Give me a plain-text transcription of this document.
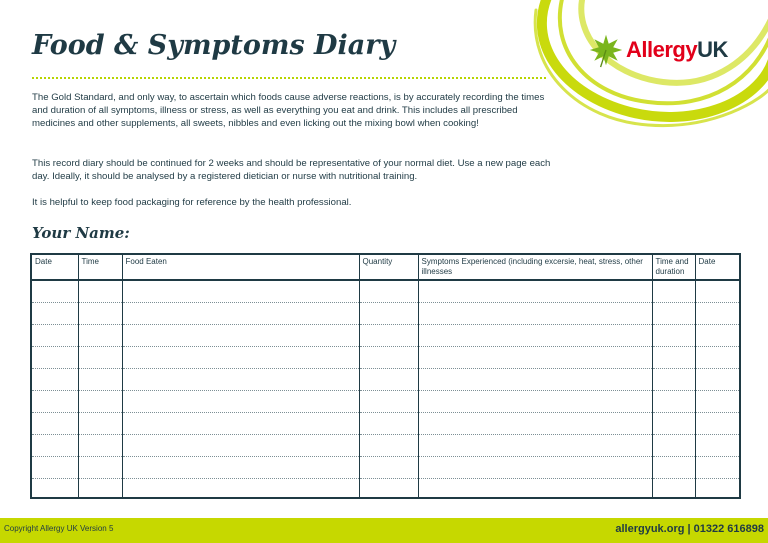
AllergyUK
Food & Symptoms Diary

The Gold Standard, and only way, to ascertain which foods cause adverse reactions, is by accurately recording the times and duration of all symptoms, illness or stress, as well as everything you eat and drink. This includes all prescribed medicines and other supplements, all sweets, nibbles and even licking out the mixing bowl when cooking!

This record diary should be continued for 2 weeks and should be representative of your normal diet. Use a new page each day. Ideally, it should be analysed by a registered dietician or nurse with nutritional training.

It is helpful to keep food packaging for reference by the health professional.

Your Name:
Date	Time	Food Eaten	Quantity	Symptoms Experienced (including excersie, heat, stress, other illnesses	Time and duration	Date

Copyright Allergy UK Version 5	allergyuk.org | 01322 616898
